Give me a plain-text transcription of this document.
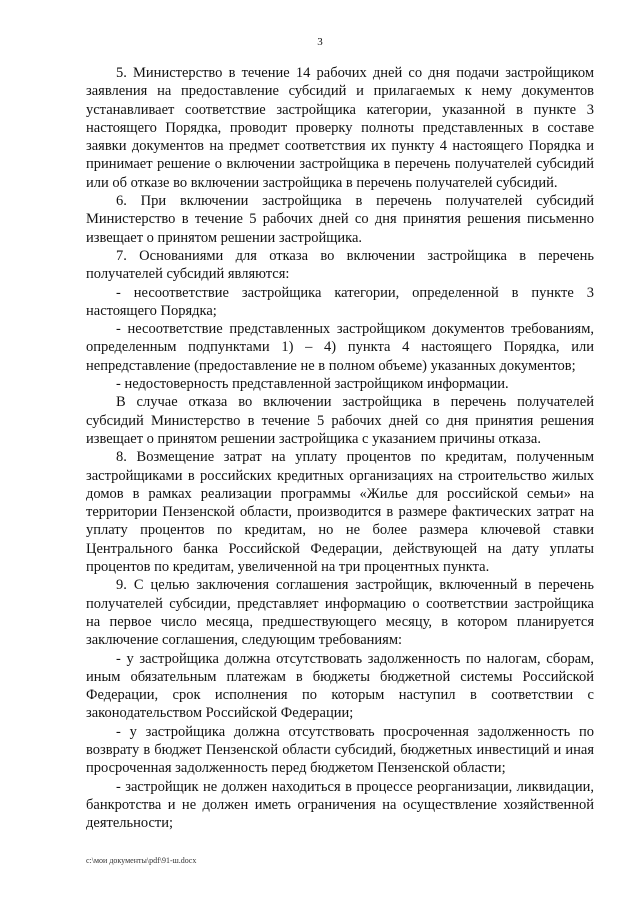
3

5. Министерство в течение 14 рабочих дней со дня подачи застройщиком заявления на предоставление субсидий и прилагаемых к нему документов устанавливает соответствие застройщика категории, указанной в пункте 3 настоящего Порядка, проводит проверку полноты представленных в составе заявки документов на предмет соответствия их пункту 4 настоящего Порядка и принимает решение о включении застройщика в перечень получателей субсидий или об отказе во включении застройщика в перечень получателей субсидий.

6. При включении застройщика в перечень получателей субсидий Министерство в течение 5 рабочих дней со дня принятия решения письменно извещает о принятом решении застройщика.

7. Основаниями для отказа во включении застройщика в перечень получателей субсидий являются:

- несоответствие застройщика категории, определенной в пункте 3 настоящего Порядка;

- несоответствие представленных застройщиком документов требованиям, определенным подпунктами 1) – 4) пункта 4 настоящего Порядка, или непредставление (предоставление не в полном объеме) указанных документов;

- недостоверность представленной застройщиком информации.

В случае отказа во включении застройщика в перечень получателей субсидий Министерство в течение 5 рабочих дней со дня принятия решения извещает о принятом решении застройщика с указанием причины отказа.

8. Возмещение затрат на уплату процентов по кредитам, полученным застройщиками в российских кредитных организациях на строительство жилых домов в рамках реализации программы «Жилье для российской семьи» на территории Пензенской области, производится в размере фактических затрат на уплату процентов по кредитам, но не более размера ключевой ставки Центрального банка Российской Федерации, действующей на дату уплаты процентов по кредитам, увеличенной на три процентных пункта.

9. С целью заключения соглашения застройщик, включенный в перечень получателей субсидии, представляет информацию о соответствии застройщика на первое число месяца, предшествующего месяцу, в котором планируется заключение соглашения, следующим требованиям:

- у застройщика должна отсутствовать задолженность по налогам, сборам, иным обязательным платежам в бюджеты бюджетной системы Российской Федерации, срок исполнения по которым наступил в соответствии с законодательством Российской Федерации;

- у застройщика должна отсутствовать просроченная задолженность по возврату в бюджет Пензенской области субсидий, бюджетных инвестиций и иная просроченная задолженность перед бюджетом Пензенской области;

- застройщик не должен находиться в процессе реорганизации, ликвидации, банкротства и не должен иметь ограничения на осуществление хозяйственной деятельности;

c:\мои документы\pdf\91-ш.docx
